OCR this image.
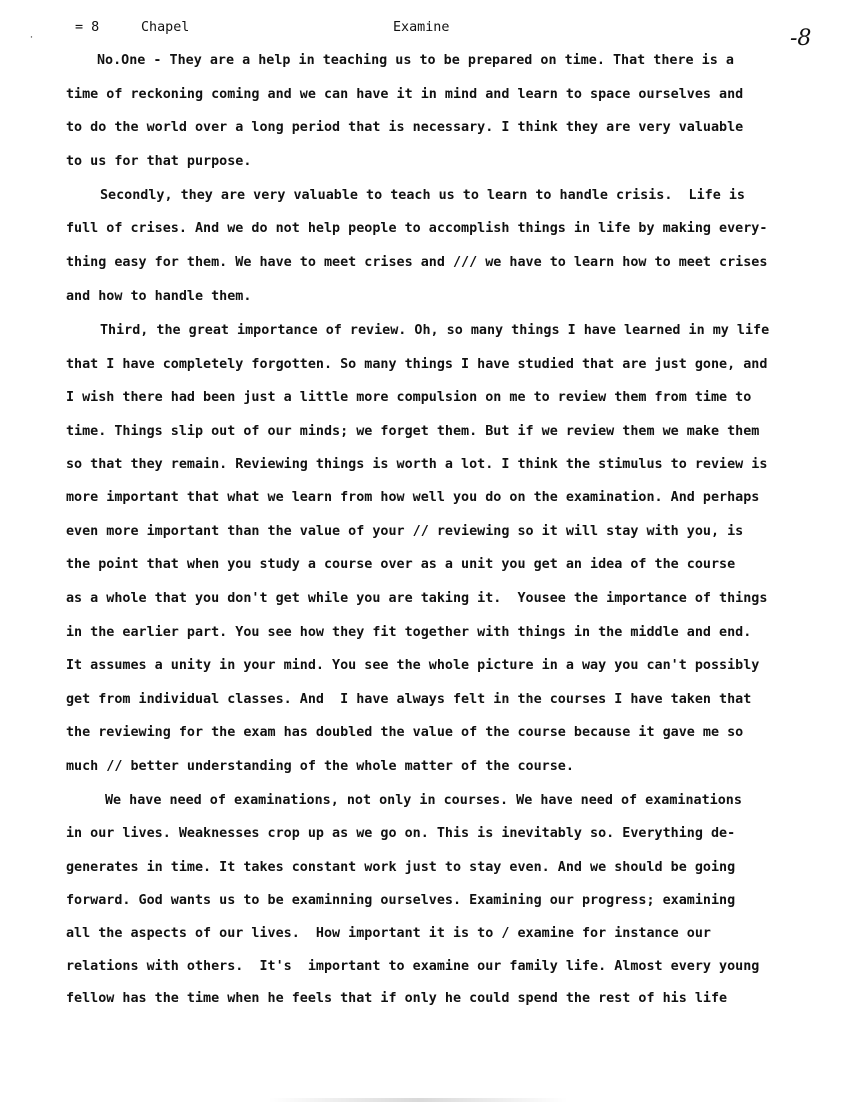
⸳
= 8	Chapel	Examine	-8
No.One - They are a help in teaching us to be prepared on time. That there is a
time of reckoning coming and we can have it in mind and learn to space ourselves and
to do the world over a long period that is necessary. I think they are very valuable
to us for that purpose.
Secondly, they are very valuable to teach us to learn to handle crisis.  Life is
full of crises. And we do not help people to accomplish things in life by making every-
thing easy for them. We have to meet crises and /// we have to learn how to meet crises
and how to handle them.
Third, the great importance of review. Oh, so many things I have learned in my life
that I have completely forgotten. So many things I have studied that are just gone, and
I wish there had been just a little more compulsion on me to review them from time to
time. Things slip out of our minds; we forget them. But if we review them we make them
so that they remain. Reviewing things is worth a lot. I think the stimulus to review is
more important that what we learn from how well you do on the examination. And perhaps
even more important than the value of your // reviewing so it will stay with you, is
the point that when you study a course over as a unit you get an idea of the course
as a whole that you don't get while you are taking it.  Yousee the importance of things
in the earlier part. You see how they fit together with things in the middle and end.
It assumes a unity in your mind. You see the whole picture in a way you can't possibly
get from individual classes. And  I have always felt in the courses I have taken that
the reviewing for the exam has doubled the value of the course because it gave me so
much // better understanding of the whole matter of the course.
We have need of examinations, not only in courses. We have need of examinations
in our lives. Weaknesses crop up as we go on. This is inevitably so. Everything de-
generates in time. It takes constant work just to stay even. And we should be going
forward. God wants us to be examinning ourselves. Examining our progress; examining
all the aspects of our lives.  How important it is to / examine for instance our
relations with others.  It's  important to examine our family life. Almost every young
fellow has the time when he feels that if only he could spend the rest of his life
